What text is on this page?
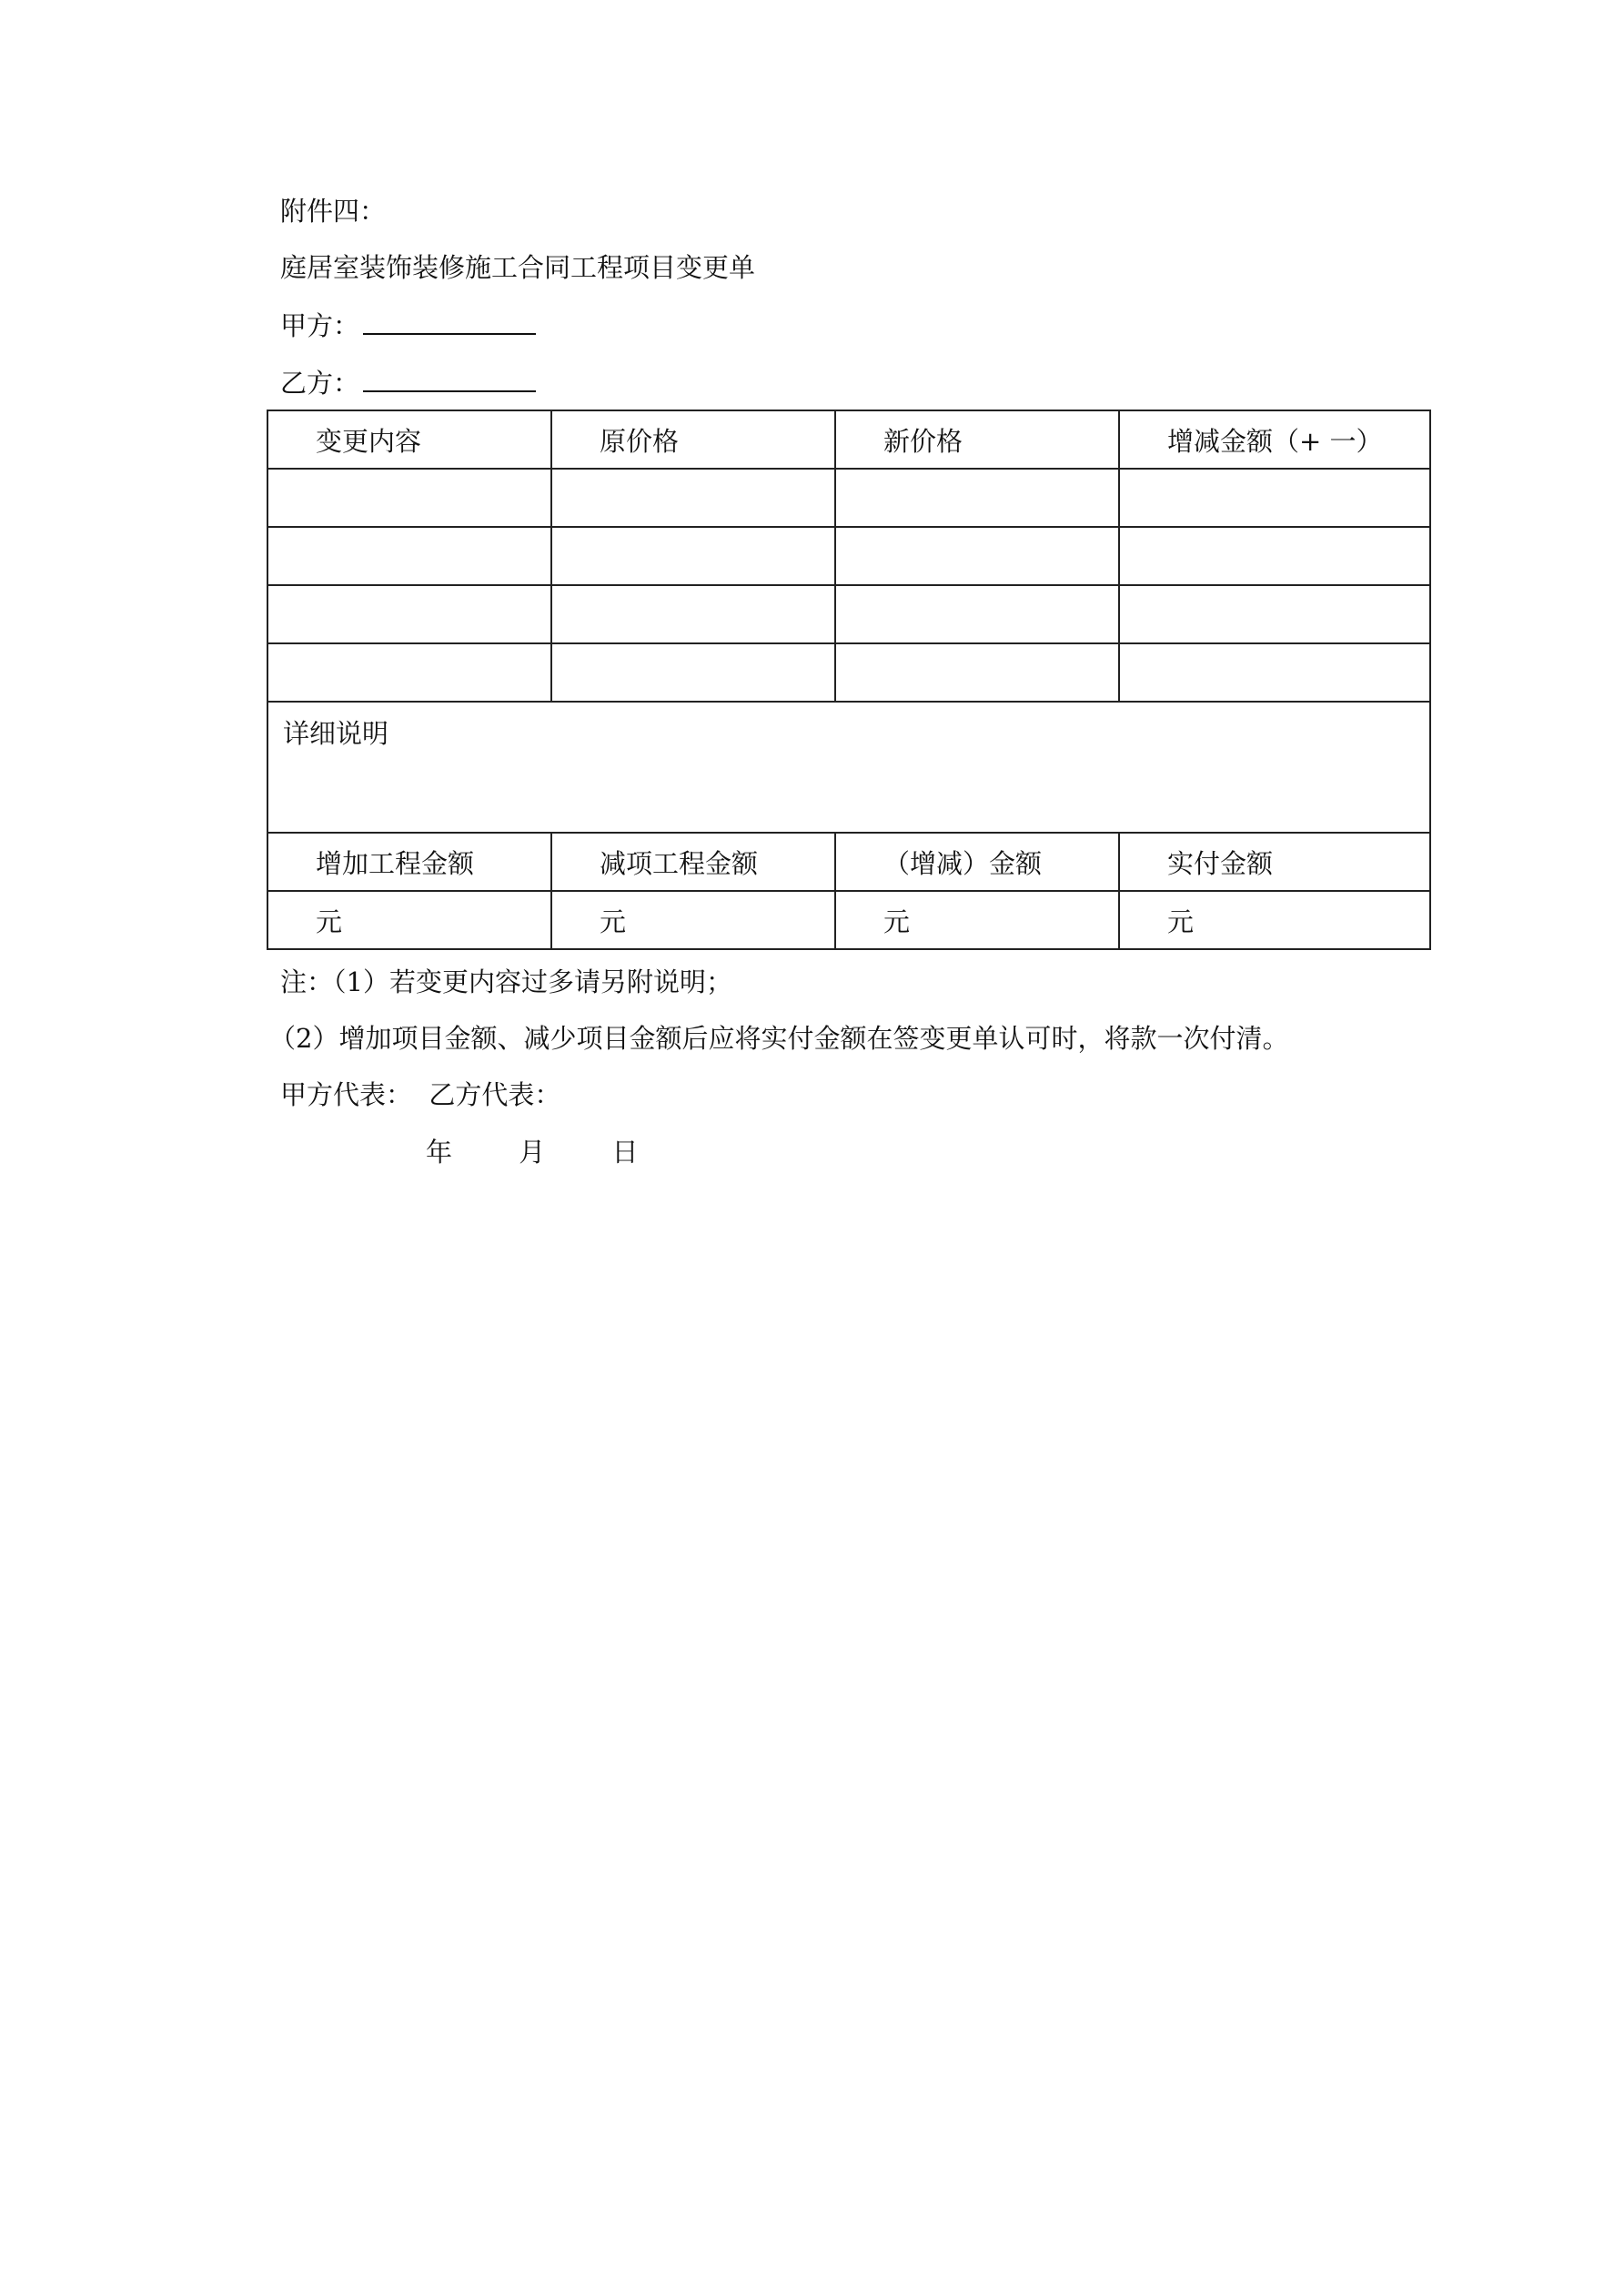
附件四：
庭居室装饰装修施工合同工程项目变更单
甲方：
乙方：
变更内容	原价格	新价格	增减金额（+ 一）

详细说明			
增加工程金额	减项工程金额	（增减）金额	实付金额
元	元	元	元
注：（1）若变更内容过多请另附说明；
（2）增加项目金额、减少项目金额后应将实付金额在签变更单认可时，将款一次付清。
甲方代表：  乙方代表：
年	月	日
